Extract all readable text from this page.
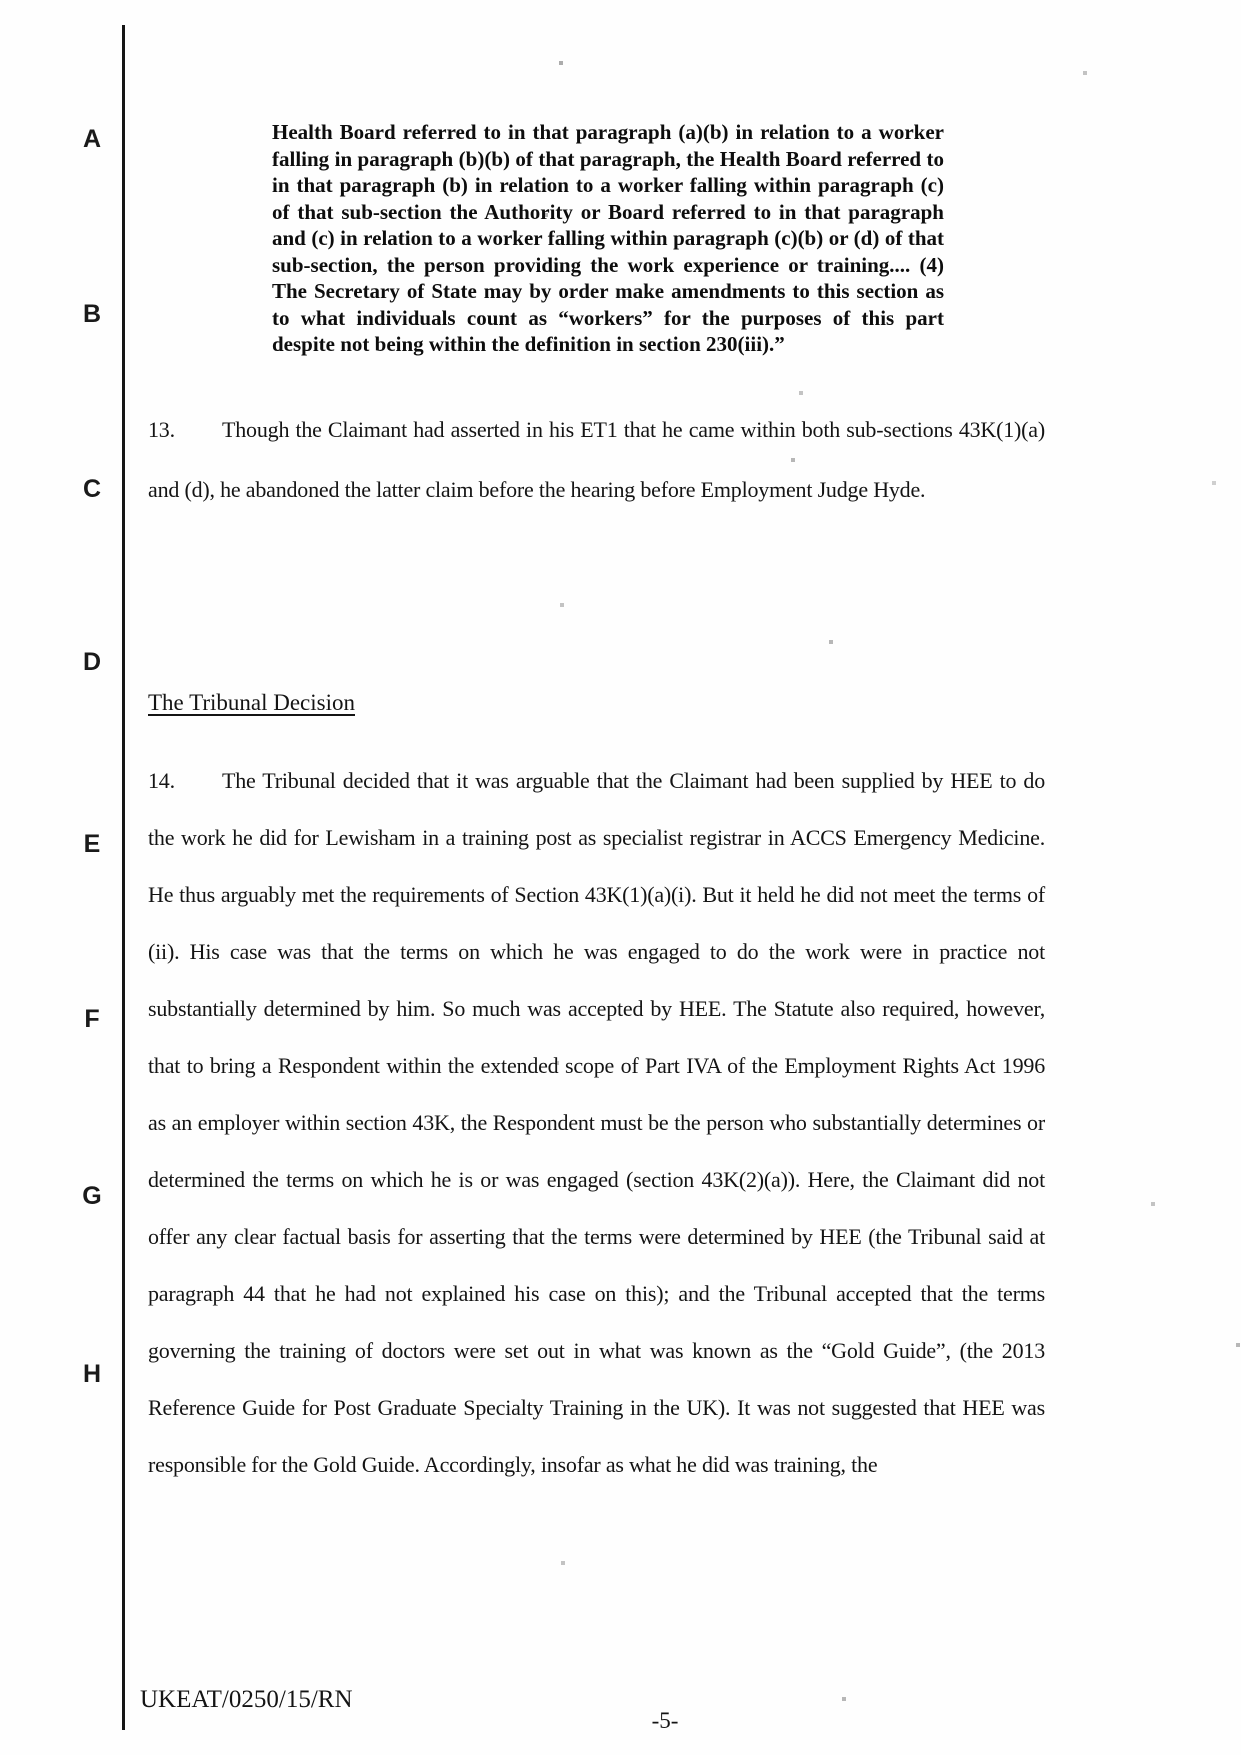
A
B
C
D
E
F
G
H
Health Board referred to in that paragraph (a)(b) in relation to a worker falling in paragraph (b)(b) of that paragraph, the Health Board referred to in that paragraph (b) in relation to a worker falling within paragraph (c) of that sub-section the Authority or Board referred to in that paragraph and (c) in relation to a worker falling within paragraph (c)(b) or (d) of that sub-section, the person providing the work experience or training.... (4) The Secretary of State may by order make amendments to this section as to what individuals count as “workers” for the purposes of this part despite not being within the definition in section 230(iii).”
13. Though the Claimant had asserted in his ET1 that he came within both sub-sections 43K(1)(a) and (d), he abandoned the latter claim before the hearing before Employment Judge Hyde.
The Tribunal Decision
14. The Tribunal decided that it was arguable that the Claimant had been supplied by HEE to do the work he did for Lewisham in a training post as specialist registrar in ACCS Emergency Medicine. He thus arguably met the requirements of Section 43K(1)(a)(i). But it held he did not meet the terms of (ii). His case was that the terms on which he was engaged to do the work were in practice not substantially determined by him. So much was accepted by HEE. The Statute also required, however, that to bring a Respondent within the extended scope of Part IVA of the Employment Rights Act 1996 as an employer within section 43K, the Respondent must be the person who substantially determines or determined the terms on which he is or was engaged (section 43K(2)(a)). Here, the Claimant did not offer any clear factual basis for asserting that the terms were determined by HEE (the Tribunal said at paragraph 44 that he had not explained his case on this); and the Tribunal accepted that the terms governing the training of doctors were set out in what was known as the “Gold Guide”, (the 2013 Reference Guide for Post Graduate Specialty Training in the UK). It was not suggested that HEE was responsible for the Gold Guide. Accordingly, insofar as what he did was training, the
UKEAT/0250/15/RN
-5-
